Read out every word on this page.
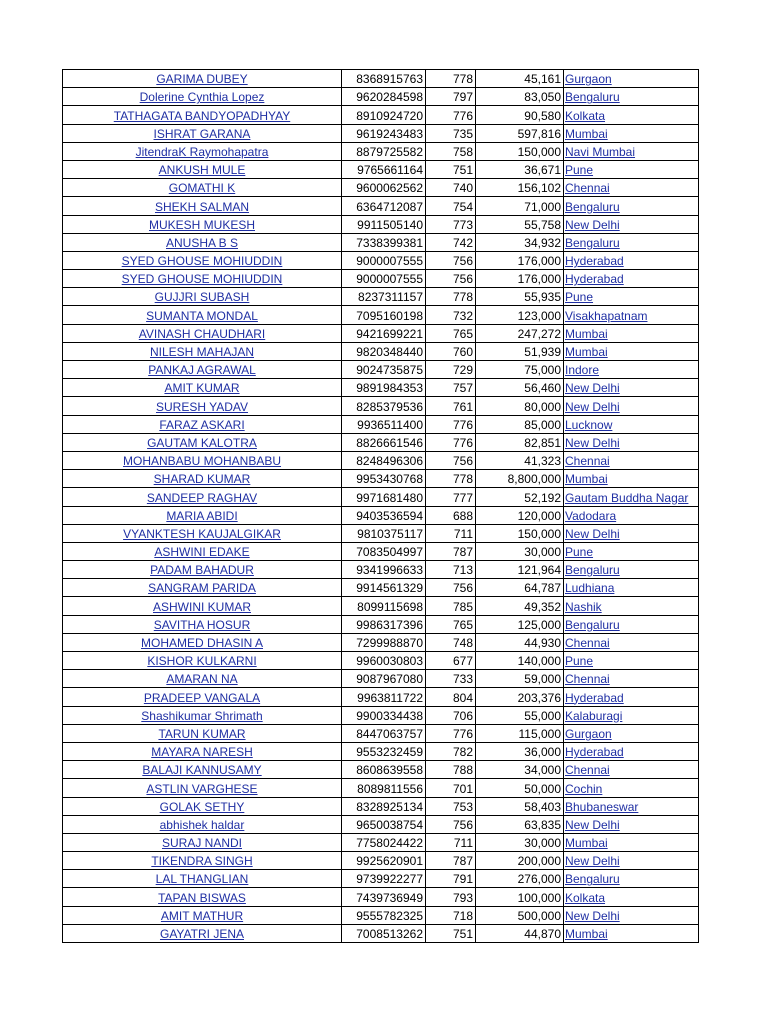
GARIMA DUBEY	8368915763	778	45,161	Gurgaon
Dolerine Cynthia Lopez	9620284598	797	83,050	Bengaluru
TATHAGATA BANDYOPADHYAY	8910924720	776	90,580	Kolkata
ISHRAT GARANA	9619243483	735	597,816	Mumbai
JitendraK Raymohapatra	8879725582	758	150,000	Navi Mumbai
ANKUSH MULE	9765661164	751	36,671	Pune
GOMATHI K	9600062562	740	156,102	Chennai
SHEKH SALMAN	6364712087	754	71,000	Bengaluru
MUKESH MUKESH	9911505140	773	55,758	New Delhi
ANUSHA B S	7338399381	742	34,932	Bengaluru
SYED GHOUSE MOHIUDDIN	9000007555	756	176,000	Hyderabad
SYED GHOUSE MOHIUDDIN	9000007555	756	176,000	Hyderabad
GUJJRI SUBASH	8237311157	778	55,935	Pune
SUMANTA MONDAL	7095160198	732	123,000	Visakhapatnam
AVINASH CHAUDHARI	9421699221	765	247,272	Mumbai
NILESH MAHAJAN	9820348440	760	51,939	Mumbai
PANKAJ AGRAWAL	9024735875	729	75,000	Indore
AMIT KUMAR	9891984353	757	56,460	New Delhi
SURESH YADAV	8285379536	761	80,000	New Delhi
FARAZ ASKARI	9936511400	776	85,000	Lucknow
GAUTAM KALOTRA	8826661546	776	82,851	New Delhi
MOHANBABU MOHANBABU	8248496306	756	41,323	Chennai
SHARAD KUMAR	9953430768	778	8,800,000	Mumbai
SANDEEP RAGHAV	9971681480	777	52,192	Gautam Buddha Nagar
MARIA ABIDI	9403536594	688	120,000	Vadodara
VYANKTESH KAUJALGIKAR	9810375117	711	150,000	New Delhi
ASHWINI EDAKE	7083504997	787	30,000	Pune
PADAM BAHADUR	9341996633	713	121,964	Bengaluru
SANGRAM PARIDA	9914561329	756	64,787	Ludhiana
ASHWINI KUMAR	8099115698	785	49,352	Nashik
SAVITHA HOSUR	9986317396	765	125,000	Bengaluru
MOHAMED DHASIN A	7299988870	748	44,930	Chennai
KISHOR KULKARNI	9960030803	677	140,000	Pune
AMARAN NA	9087967080	733	59,000	Chennai
PRADEEP VANGALA	9963811722	804	203,376	Hyderabad
Shashikumar Shrimath	9900334438	706	55,000	Kalaburagi
TARUN KUMAR	8447063757	776	115,000	Gurgaon
MAYARA NARESH	9553232459	782	36,000	Hyderabad
BALAJI KANNUSAMY	8608639558	788	34,000	Chennai
ASTLIN VARGHESE	8089811556	701	50,000	Cochin
GOLAK SETHY	8328925134	753	58,403	Bhubaneswar
abhishek haldar	9650038754	756	63,835	New Delhi
SURAJ NANDI	7758024422	711	30,000	Mumbai
TIKENDRA SINGH	9925620901	787	200,000	New Delhi
LAL THANGLIAN	9739922277	791	276,000	Bengaluru
TAPAN BISWAS	7439736949	793	100,000	Kolkata
AMIT MATHUR	9555782325	718	500,000	New Delhi
GAYATRI JENA	7008513262	751	44,870	Mumbai
